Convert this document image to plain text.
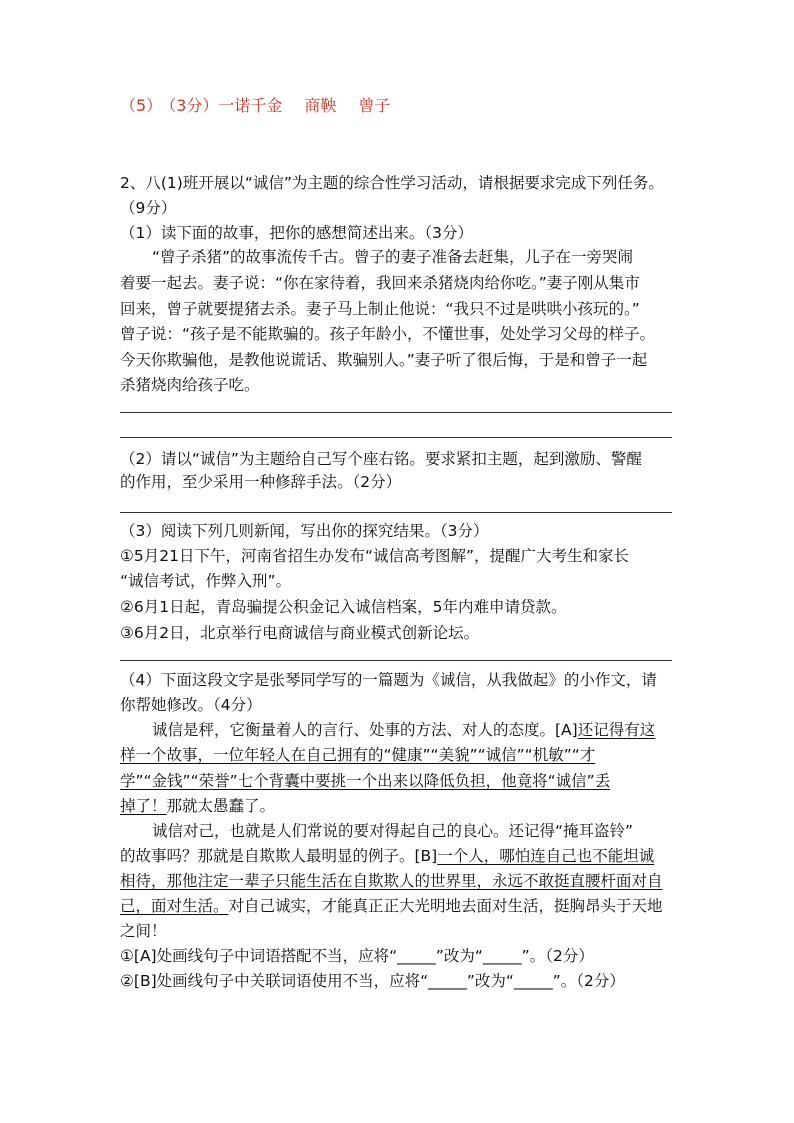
（5） （3分）一诺千金 商鞅 曾子
2、八(1)班开展以“诚信”为主题的综合性学习活动，请根据要求完成下列任务。
（9分）
（1）读下面的故事，把你的感想简述出来。（3分）
“曾子杀猪”的故事流传千古。曾子的妻子准备去赶集，儿子在一旁哭闹
着要一起去。妻子说：“你在家待着，我回来杀猪烧肉给你吃。”妻子刚从集市
回来，曾子就要提猪去杀。妻子马上制止他说：“我只不过是哄哄小孩玩的。”
曾子说：“孩子是不能欺骗的。孩子年龄小，不懂世事，处处学习父母的样子。
今天你欺骗他，是教他说谎话、欺骗别人。”妻子听了很后悔，于是和曾子一起
杀猪烧肉给孩子吃。
（2）请以“诚信”为主题给自己写个座右铭。要求紧扣主题，起到激励、警醒
的作用，至少采用一种修辞手法。（2分）
（3）阅读下列几则新闻，写出你的探究结果。（3分）
①5月21日下午，河南省招生办发布“诚信高考图解”，提醒广大考生和家长
“诚信考试，作弊入刑”。
②6月1日起，青岛骗提公积金记入诚信档案，5年内难申请贷款。
③6月2日，北京举行电商诚信与商业模式创新论坛。
（4）下面这段文字是张琴同学写的一篇题为《诚信，从我做起》的小作文，请
你帮她修改。（4分）
诚信是秤，它衡量着人的言行、处事的方法、对人的态度。[A]还记得有这
样一个故事，一位年轻人在自己拥有的“健康”“美貌”“诚信”“机敏”“才
学”“金钱”“荣誉”七个背囊中要挑一个出来以降低负担，他竟将“诚信”丢
掉了！那就太愚蠢了。
诚信对己，也就是人们常说的要对得起自己的良心。还记得“掩耳盗铃”
的故事吗？那就是自欺欺人最明显的例子。[B]一个人，哪怕连自己也不能坦诚
相待，那他注定一辈子只能生活在自欺欺人的世界里，永远不敢挺直腰杆面对自
己，面对生活。对自己诚实，才能真正正大光明地去面对生活，挺胸昂头于天地
之间！
①[A]处画线句子中词语搭配不当，应将“_____”改为“_____”。（2分）
②[B]处画线句子中关联词语使用不当，应将“_____”改为“_____”。（2分）
